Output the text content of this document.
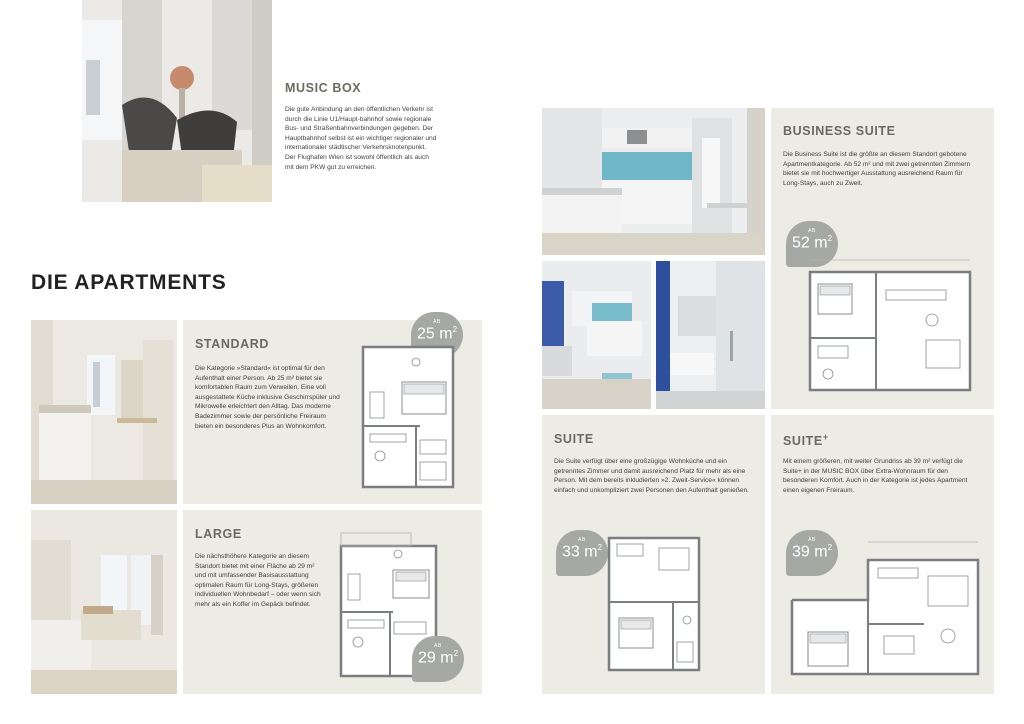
MUSIC BOX

Die gute Anbindung an den öffentlichen Verkehr ist durch die Linie U1/Haupt-bahnhof sowie regionale Bus- und Straßenbahnverbindungen gegeben. Der Hauptbahnhof selbst ist ein wichtiger regionaler und internationaler städtischer Verkehrsknotenpunkt. Der Flughafen Wien ist sowohl öffentlich als auch mit dem PKW gut zu erreichen.

DIE APARTMENTS
STANDARD

Die Kategorie »Standard« ist optimal für den Aufenthalt einer Person. Ab 25 m² bietet sie komfortablen Raum zum Verweilen. Eine voll ausgestattete Küche inklusive Geschirrspüler und Mikrowelle erleichtert den Alltag. Das moderne Badezimmer sowie der persönliche Freiraum bieten ein besonderes Plus an Wohnkomfort.

AB
25 $m^2$
LARGE

Die nächsthöhere Kategorie an diesem Standort bietet mit einer Fläche ab 29 m² und mit umfassender Basisausstattung optimalen Raum für Long-Stays, größeren individuellen Wohnbedarf – oder wenn sich mehr als ein Koffer im Gepäck befindet.

AB
29 $m^2$
BUSINESS SUITE

Die Business Suite ist die größte an diesem Standort gebotene Apartmentkategorie. Ab 52 m² und mit zwei getrennten Zimmern bietet sie mit hochwertiger Ausstattung ausreichend Raum für Long-Stays, auch zu Zweit.

AB
52 $m^2$
SUITE

Die Suite verfügt über eine großzügige Wohnküche und ein getrenntes Zimmer und damit ausreichend Platz für mehr als eine Person. Mit dem bereits inkludierten »2. Zweit-Service« können einfach und unkompliziert zwei Personen den Aufenthalt genießen.

AB
33 $m^2$
SUITE+

Mit einem größeren, mit weiter Grundriss ab 39 m² verfügt die Suite+ in der MUSIC BOX über Extra-Wohnraum für den besonderen Komfort. Auch in der Kategorie ist jedes Apartment einen eigenen Freiraum.

AB
39 $m^2$
